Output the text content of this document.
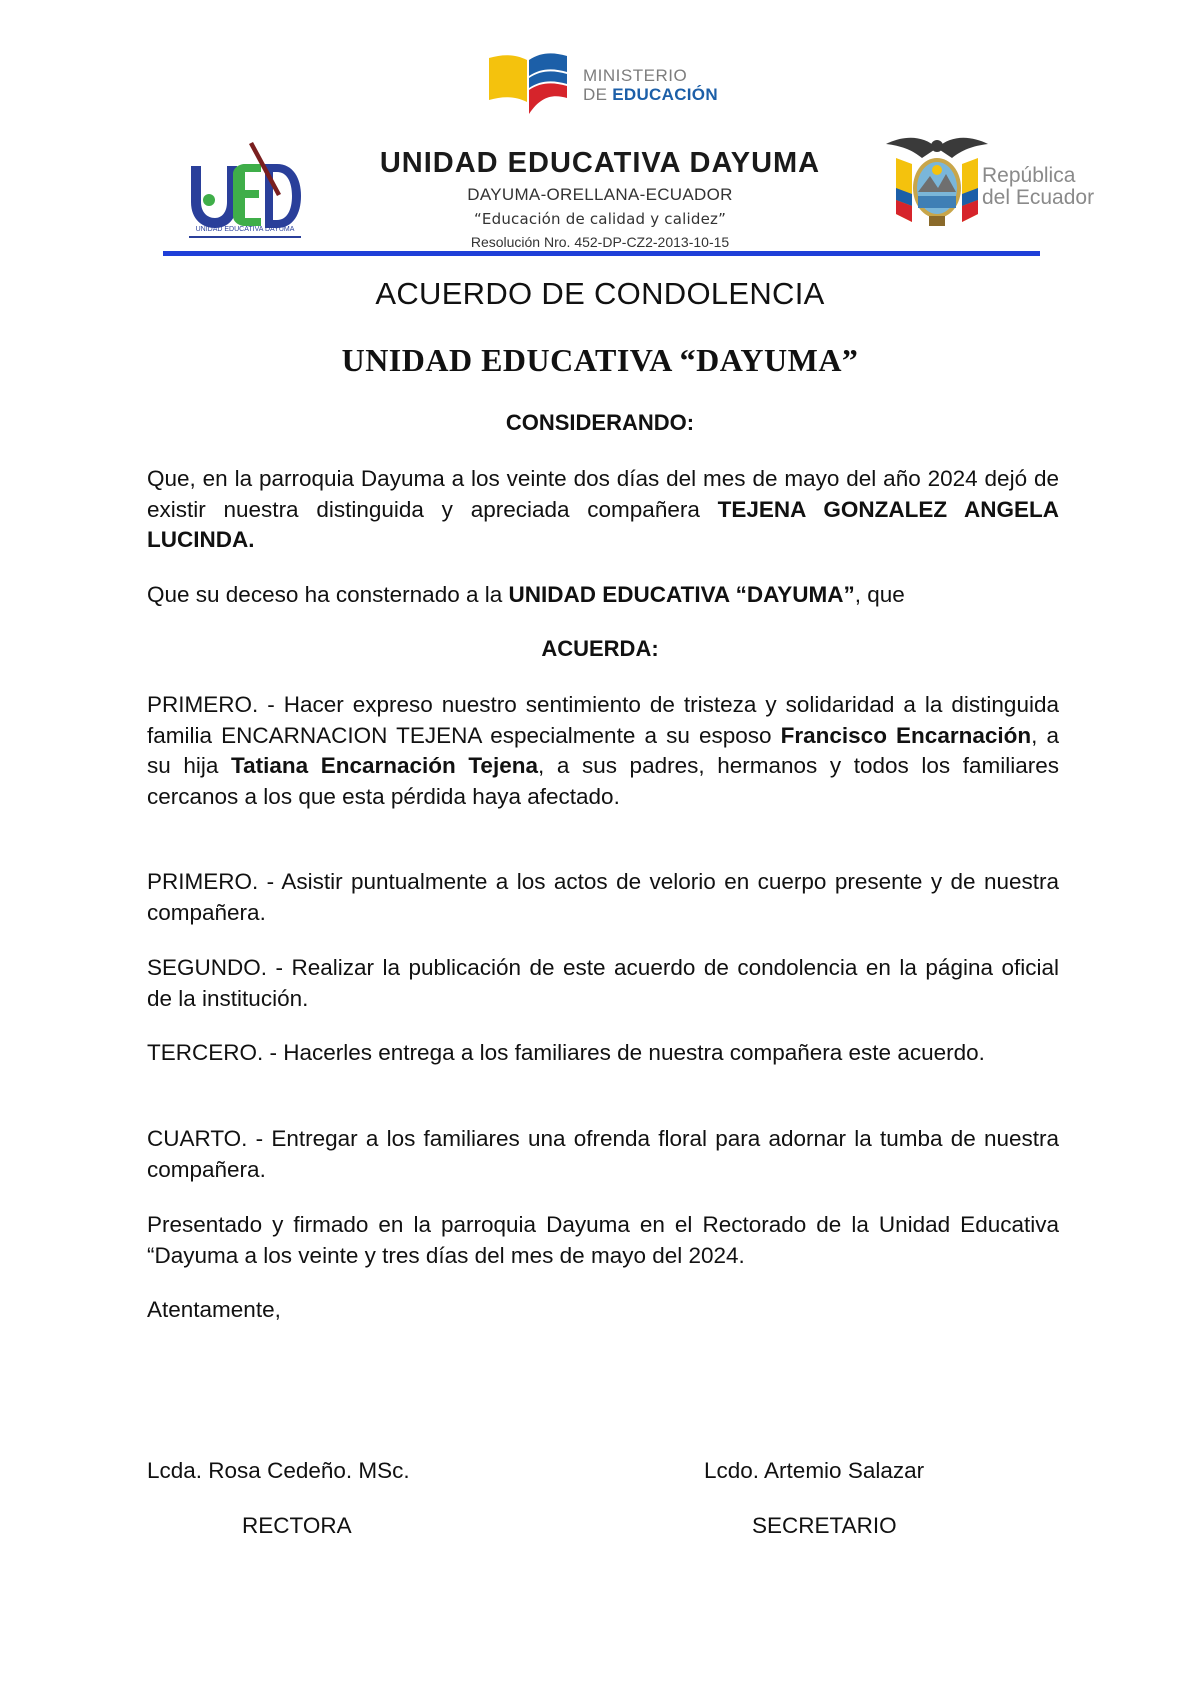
MINISTERIO
DE EDUCACIÓN
UNIDAD EDUCATIVA DAYUMA
UNIDAD EDUCATIVA DAYUMA
DAYUMA-ORELLANA-ECUADOR
“Educación de calidad y calidez”
Resolución Nro. 452-DP-CZ2-2013-10-15
República
del Ecuador
ACUERDO DE CONDOLENCIA
UNIDAD EDUCATIVA “DAYUMA”
CONSIDERANDO:
Que, en la parroquia Dayuma a los veinte dos días del mes de mayo del año 2024 dejó de existir nuestra distinguida y apreciada compañera TEJENA GONZALEZ ANGELA LUCINDA.
Que su deceso ha consternado a la UNIDAD EDUCATIVA “DAYUMA”, que
ACUERDA:
PRIMERO. - Hacer expreso nuestro sentimiento de tristeza y solidaridad a la distinguida familia ENCARNACION TEJENA especialmente a su esposo Francisco Encarnación, a su hija Tatiana Encarnación Tejena, a sus padres, hermanos y todos los familiares cercanos a los que esta pérdida haya afectado.
PRIMERO. - Asistir puntualmente a los actos de velorio en cuerpo presente y de nuestra compañera.
SEGUNDO. - Realizar la publicación de este acuerdo de condolencia en la página oficial de la institución.
TERCERO. - Hacerles entrega a los familiares de nuestra compañera este acuerdo.
CUARTO. - Entregar a los familiares una ofrenda floral para adornar la tumba de nuestra compañera.
Presentado y firmado en la parroquia Dayuma en el Rectorado de la Unidad Educativa “Dayuma a los veinte y tres días del mes de mayo del 2024.
Atentamente,
Lcda. Rosa Cedeño. MSc.
RECTORA
Lcdo. Artemio Salazar
SECRETARIO
